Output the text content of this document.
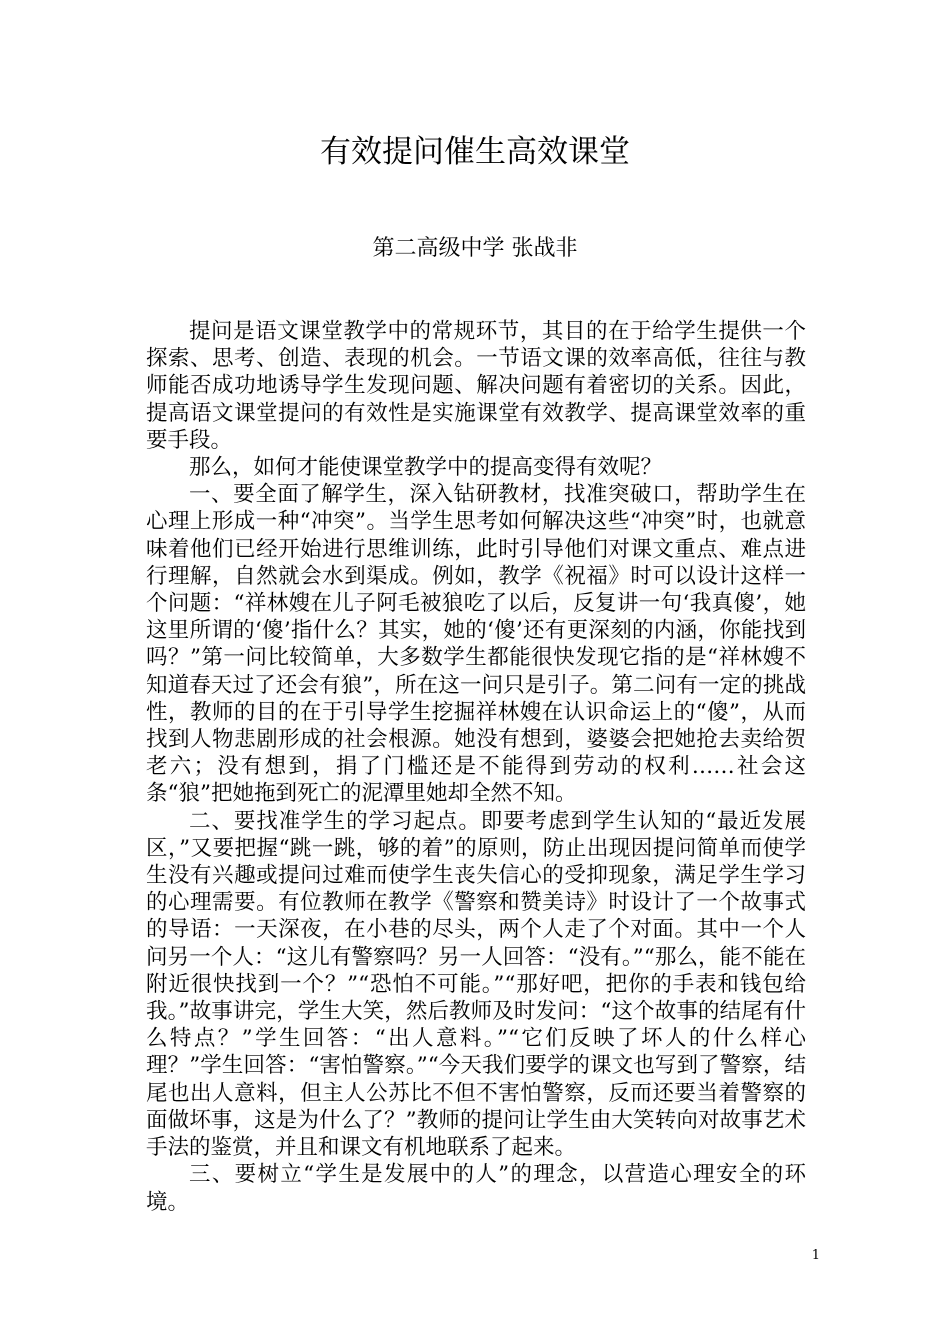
有效提问催生高效课堂
第二高级中学 张战非

提问是语文课堂教学中的常规环节，其目的在于给学生提供一个探索、思考、创造、表现的机会。一节语文课的效率高低，往往与教师能否成功地诱导学生发现问题、解决问题有着密切的关系。因此，提高语文课堂提问的有效性是实施课堂有效教学、提高课堂效率的重要手段。

那么，如何才能使课堂教学中的提高变得有效呢？

一、要全面了解学生，深入钻研教材，找准突破口，帮助学生在心理上形成一种“冲突”。当学生思考如何解决这些“冲突”时，也就意味着他们已经开始进行思维训练，此时引导他们对课文重点、难点进行理解，自然就会水到渠成。例如，教学《祝福》时可以设计这样一个问题：“祥林嫂在儿子阿毛被狼吃了以后，反复讲一句‘我真傻’，她这里所谓的‘傻’指什么？其实，她的‘傻’还有更深刻的内涵，你能找到吗？”第一问比较简单，大多数学生都能很快发现它指的是“祥林嫂不知道春天过了还会有狼”，所在这一问只是引子。第二问有一定的挑战性，教师的目的在于引导学生挖掘祥林嫂在认识命运上的“傻”，从而找到人物悲剧形成的社会根源。她没有想到，婆婆会把她抢去卖给贺老六；没有想到，捐了门槛还是不能得到劳动的权利……社会这条“狼”把她拖到死亡的泥潭里她却全然不知。

二、要找准学生的学习起点。即要考虑到学生认知的“最近发展区，”又要把握“跳一跳，够的着”的原则，防止出现因提问简单而使学生没有兴趣或提问过难而使学生丧失信心的受抑现象，满足学生学习的心理需要。有位教师在教学《警察和赞美诗》时设计了一个故事式的导语：一天深夜，在小巷的尽头，两个人走了个对面。其中一个人问另一个人：“这儿有警察吗？另一人回答：“没有。”“那么，能不能在附近很快找到一个？”“恐怕不可能。”“那好吧，把你的手表和钱包给我。”故事讲完，学生大笑，然后教师及时发问：“这个故事的结尾有什么特点？”学生回答：“出人意料。”“它们反映了坏人的什么样心理？”学生回答：“害怕警察。”“今天我们要学的课文也写到了警察，结尾也出人意料，但主人公苏比不但不害怕警察，反而还要当着警察的面做坏事，这是为什么了？”教师的提问让学生由大笑转向对故事艺术手法的鉴赏，并且和课文有机地联系了起来。

三、要树立“学生是发展中的人”的理念，以营造心理安全的环境。

1
